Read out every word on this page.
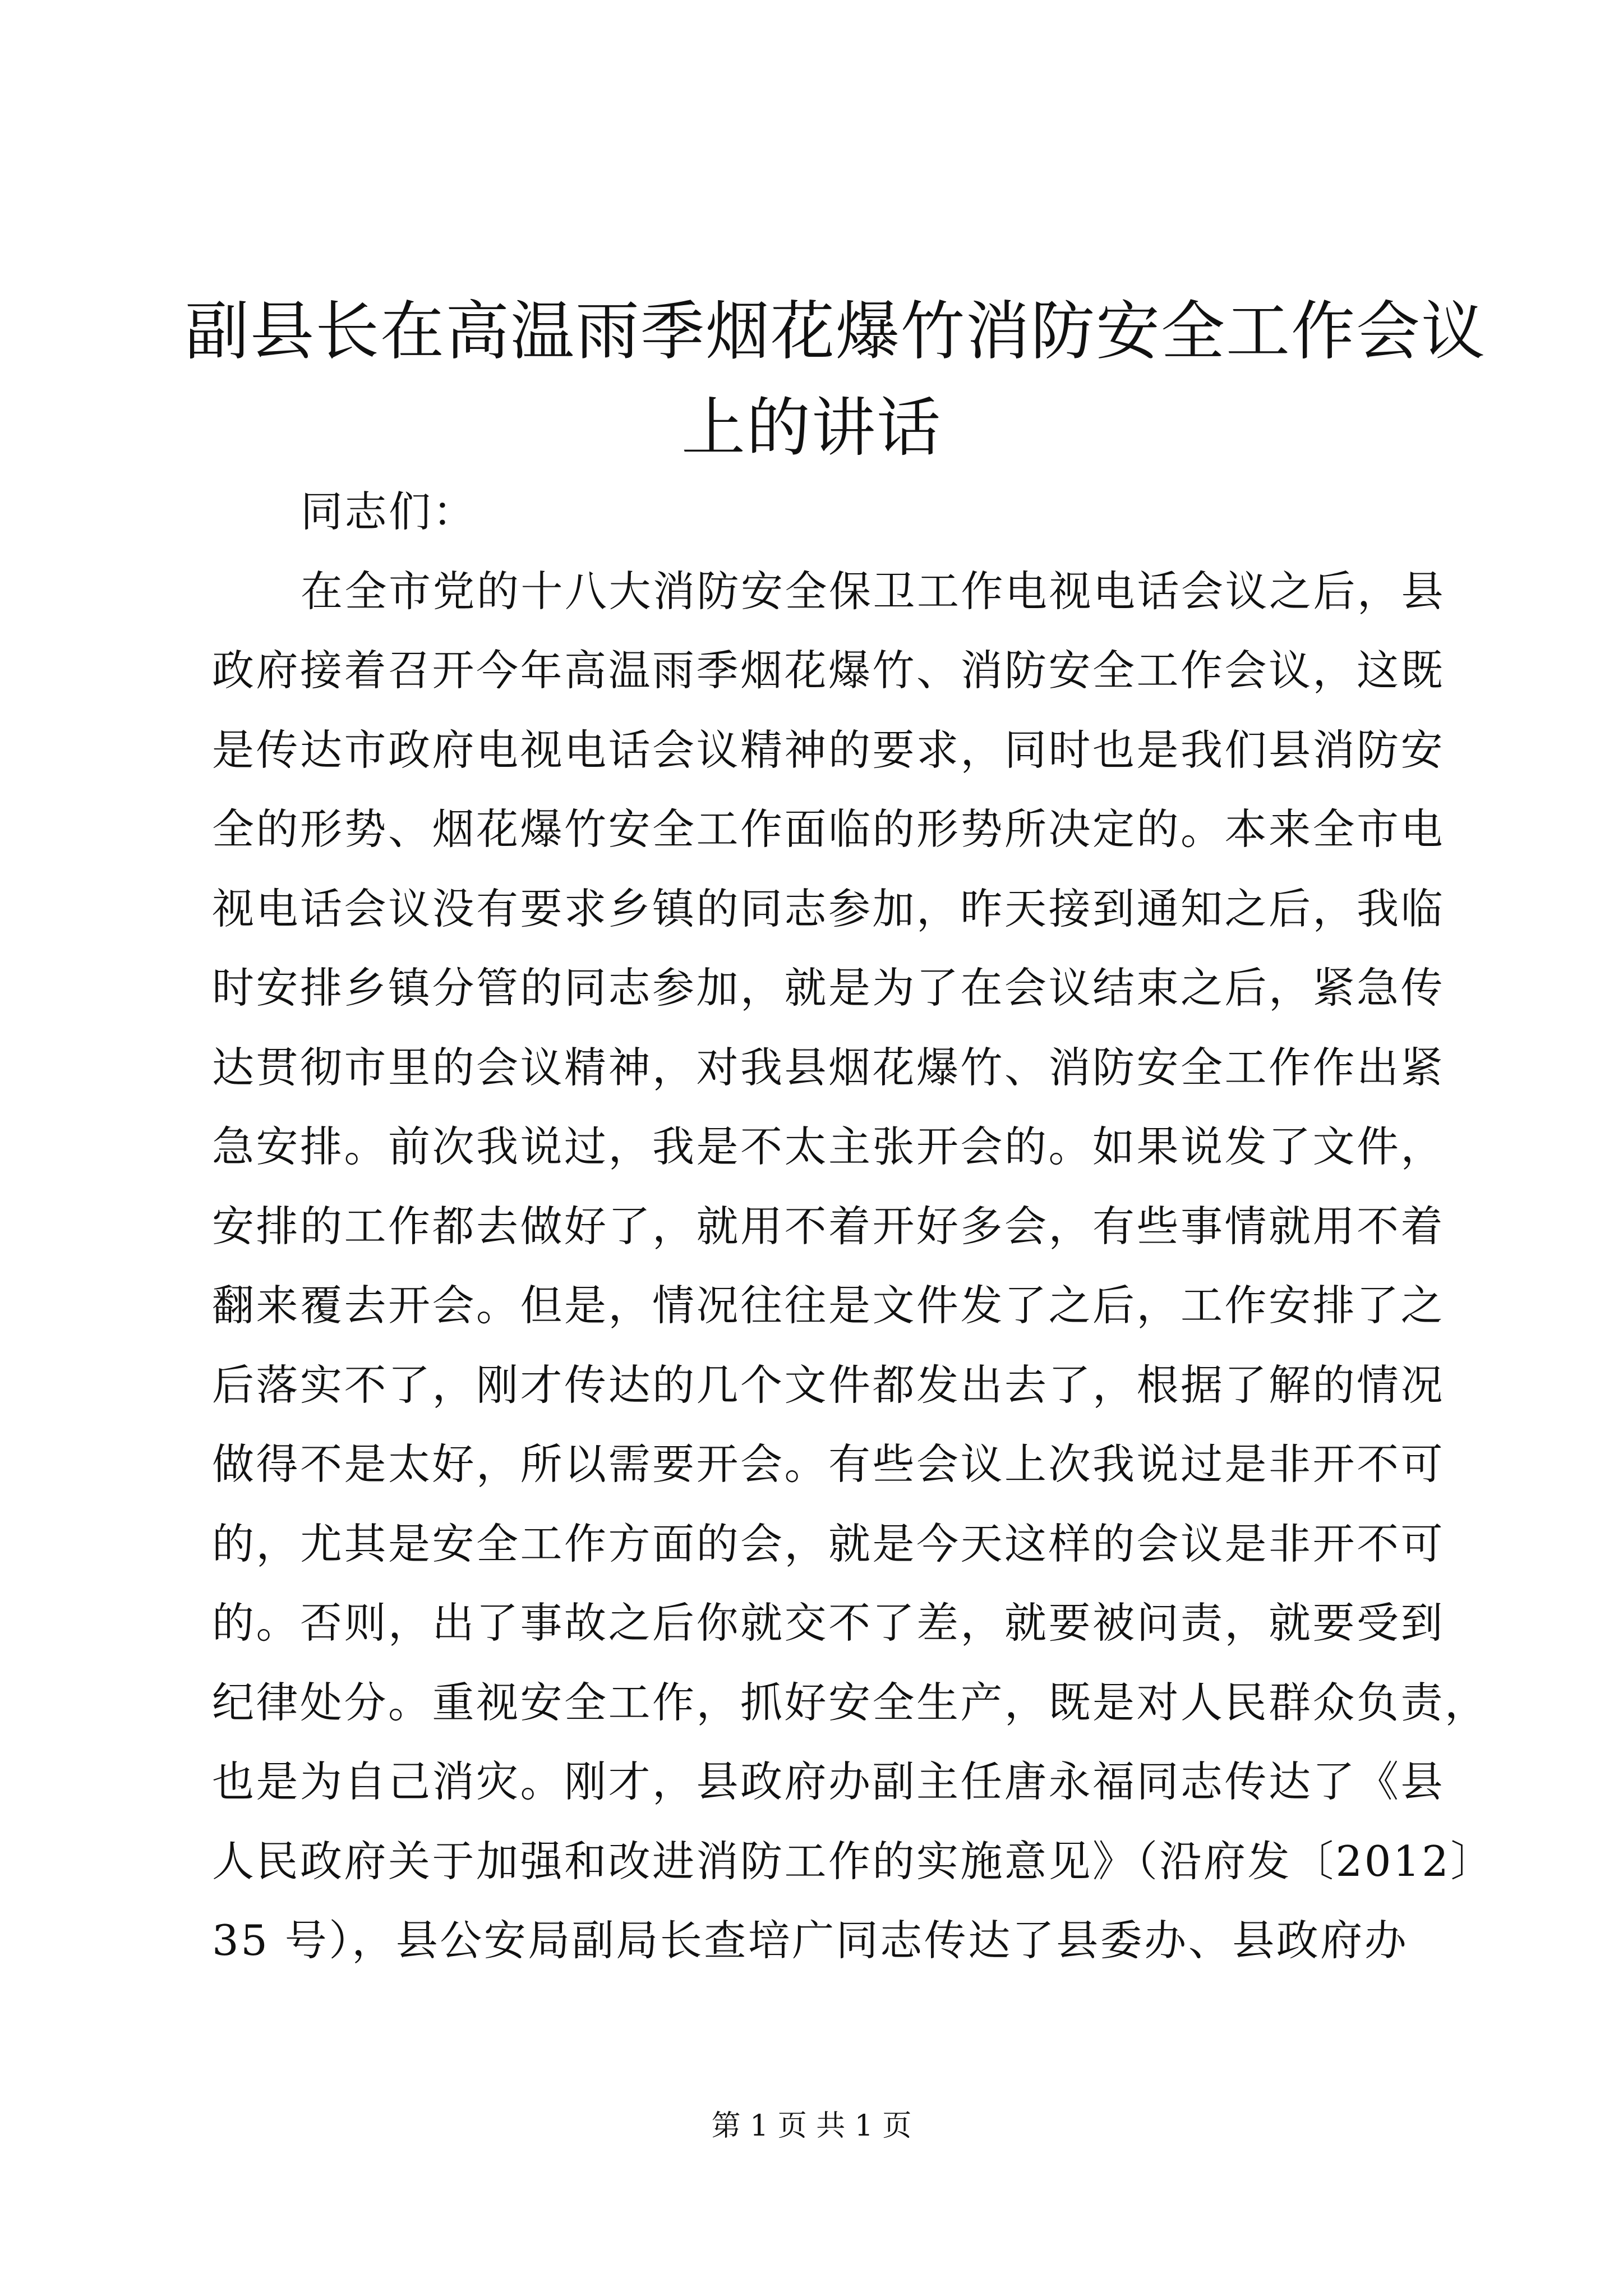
副县长在高温雨季烟花爆竹消防安全工作会议
上的讲话
同志们：
在全市党的十八大消防安全保卫工作电视电话会议之后，县
政府接着召开今年高温雨季烟花爆竹、消防安全工作会议，这既
是传达市政府电视电话会议精神的要求，同时也是我们县消防安
全的形势、烟花爆竹安全工作面临的形势所决定的。本来全市电
视电话会议没有要求乡镇的同志参加，昨天接到通知之后，我临
时安排乡镇分管的同志参加，就是为了在会议结束之后，紧急传
达贯彻市里的会议精神，对我县烟花爆竹、消防安全工作作出紧
急安排。前次我说过，我是不太主张开会的。如果说发了文件，
安排的工作都去做好了，就用不着开好多会，有些事情就用不着
翻来覆去开会。但是，情况往往是文件发了之后，工作安排了之
后落实不了，刚才传达的几个文件都发出去了，根据了解的情况
做得不是太好，所以需要开会。有些会议上次我说过是非开不可
的，尤其是安全工作方面的会，就是今天这样的会议是非开不可
的。否则，出了事故之后你就交不了差，就要被问责，就要受到
纪律处分。重视安全工作，抓好安全生产，既是对人民群众负责，
也是为自己消灾。刚才，县政府办副主任唐永福同志传达了《县
人民政府关于加强和改进消防工作的实施意见》（沿府发〔2012〕
35 号），县公安局副局长查培广同志传达了县委办、县政府办
第 1 页 共 1 页
